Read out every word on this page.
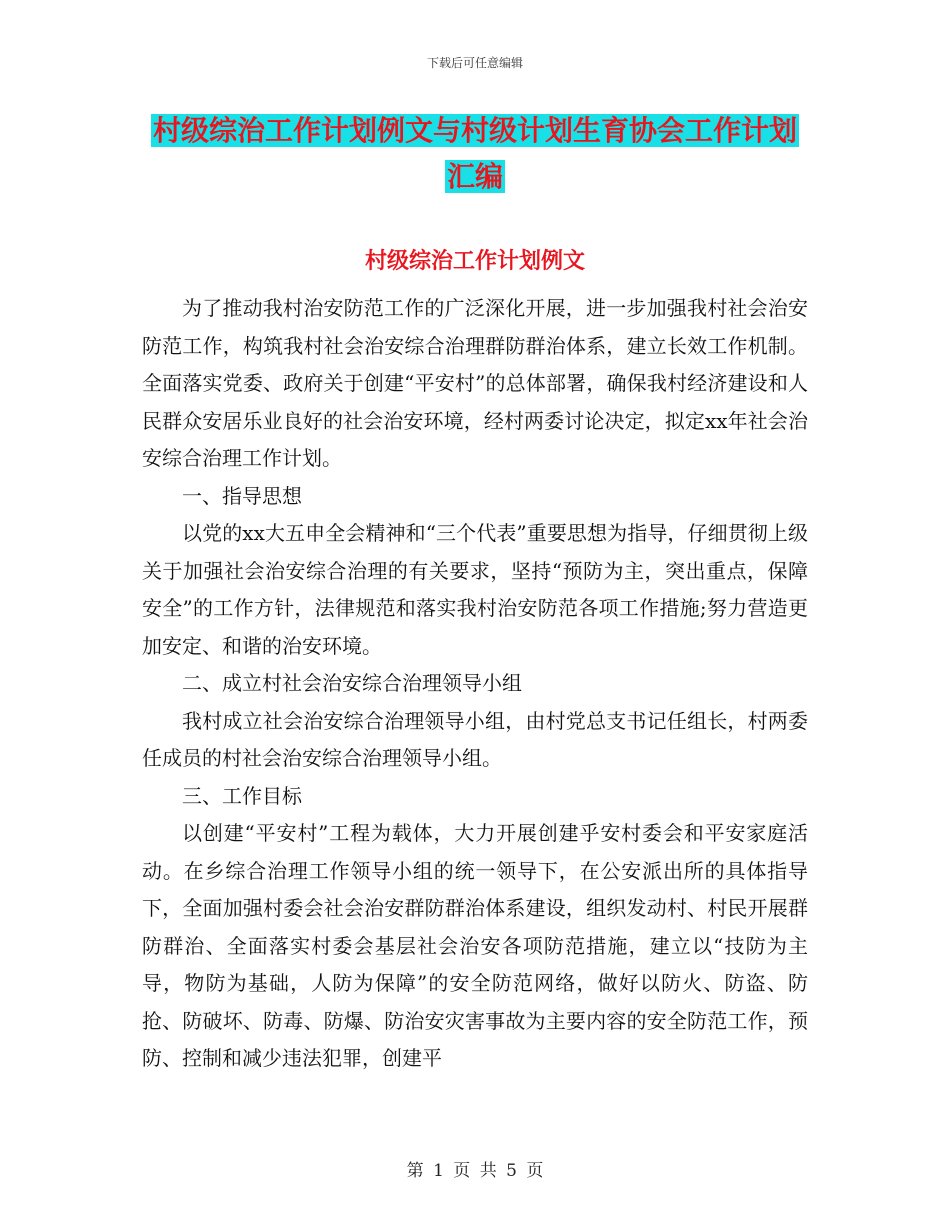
下载后可任意编辑
村级综治工作计划例文与村级计划生育协会工作计划
汇编
村级综治工作计划例文

为了推动我村治安防范工作的广泛深化开展，进一步加强我村社会治安防范工作，构筑我村社会治安综合治理群防群治体系，建立长效工作机制。全面落实党委、政府关于创建“平安村”的总体部署，确保我村经济建设和人民群众安居乐业良好的社会治安环境，经村两委讨论决定，拟定xx年社会治安综合治理工作计划。

一、指导思想

以党的xx大五申全会精神和“三个代表”重要思想为指导，仔细贯彻上级关于加强社会治安综合治理的有关要求，坚持“预防为主，突出重点，保障安全”的工作方针，法律规范和落实我村治安防范各项工作措施;努力营造更加安定、和谐的治安环境。

二、成立村社会治安综合治理领导小组

我村成立社会治安综合治理领导小组，由村党总支书记任组长，村两委任成员的村社会治安综合治理领导小组。

三、工作目标

以创建“平安村”工程为载体，大力开展创建乎安村委会和平安家庭活动。在乡综合治理工作领导小组的统一领导下，在公安派出所的具体指导下，全面加强村委会社会治安群防群治体系建设，组织发动村、村民开展群防群治、全面落实村委会基层社会治安各项防范措施，建立以“技防为主导，物防为基础，人防为保障”的安全防范网络，做好以防火、防盗、防抢、防破坏、防毒、防爆、防治安灾害事故为主要内容的安全防范工作，预防、控制和减少违法犯罪，创建平

第 1 页 共 5 页
